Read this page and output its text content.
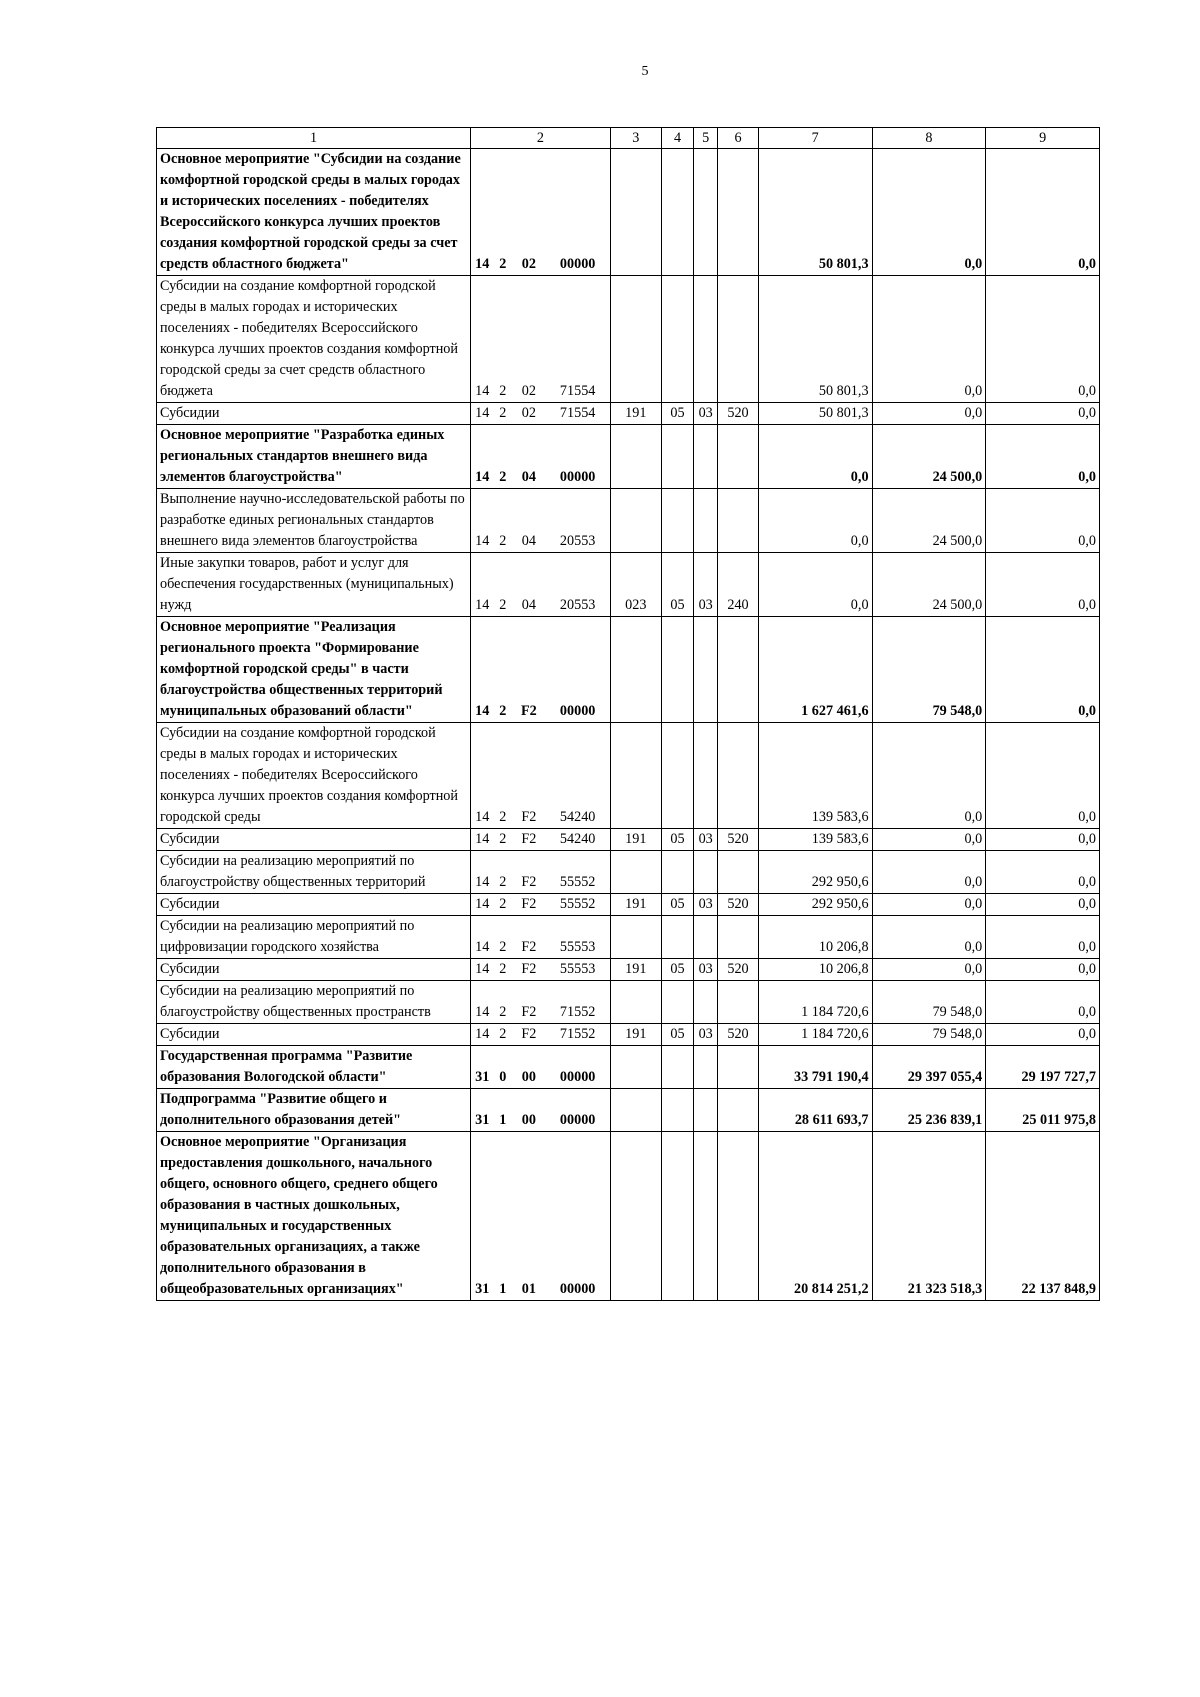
5
1	2				3	4	5	6	7	8	9
Основное мероприятие "Субсидии на создание комфортной городской среды в малых городах и исторических поселениях - победителях Всероссийского конкурса лучших проектов создания комфортной городской среды за счет средств областного бюджета"	14	2	02	00000					50 801,3	0,0	0,0
Субсидии на создание комфортной городской среды в малых городах и исторических поселениях - победителях Всероссийского конкурса лучших проектов создания комфортной городской среды за счет средств областного бюджета	14	2	02	71554					50 801,3	0,0	0,0
Субсидии	14	2	02	71554	191	05	03	520	50 801,3	0,0	0,0
Основное мероприятие "Разработка единых региональных стандартов внешнего вида элементов благоустройства"	14	2	04	00000					0,0	24 500,0	0,0
Выполнение научно-исследовательской работы по разработке единых региональных стандартов внешнего вида элементов благоустройства	14	2	04	20553					0,0	24 500,0	0,0
Иные закупки товаров, работ и услуг для обеспечения государственных (муниципальных) нужд	14	2	04	20553	023	05	03	240	0,0	24 500,0	0,0
Основное мероприятие "Реализация регионального проекта "Формирование комфортной городской среды" в части благоустройства общественных территорий муниципальных образований области"	14	2	F2	00000					1 627 461,6	79 548,0	0,0
Субсидии на создание комфортной городской среды в малых городах и исторических поселениях - победителях Всероссийского конкурса лучших проектов создания комфортной городской среды	14	2	F2	54240					139 583,6	0,0	0,0
Субсидии	14	2	F2	54240	191	05	03	520	139 583,6	0,0	0,0
Субсидии на реализацию мероприятий по благоустройству общественных территорий	14	2	F2	55552					292 950,6	0,0	0,0
Субсидии	14	2	F2	55552	191	05	03	520	292 950,6	0,0	0,0
Субсидии на реализацию мероприятий по цифровизации городского хозяйства	14	2	F2	55553					10 206,8	0,0	0,0
Субсидии	14	2	F2	55553	191	05	03	520	10 206,8	0,0	0,0
Субсидии на реализацию мероприятий по благоустройству общественных пространств	14	2	F2	71552					1 184 720,6	79 548,0	0,0
Субсидии	14	2	F2	71552	191	05	03	520	1 184 720,6	79 548,0	0,0
Государственная программа "Развитие образования Вологодской области"	31	0	00	00000					33 791 190,4	29 397 055,4	29 197 727,7
Подпрограмма "Развитие общего и дополнительного образования детей"	31	1	00	00000					28 611 693,7	25 236 839,1	25 011 975,8
Основное мероприятие "Организация предоставления дошкольного, начального общего, основного общего, среднего общего образования в частных дошкольных, муниципальных и государственных образовательных организациях, а также дополнительного образования в общеобразовательных организациях"	31	1	01	00000					20 814 251,2	21 323 518,3	22 137 848,9
